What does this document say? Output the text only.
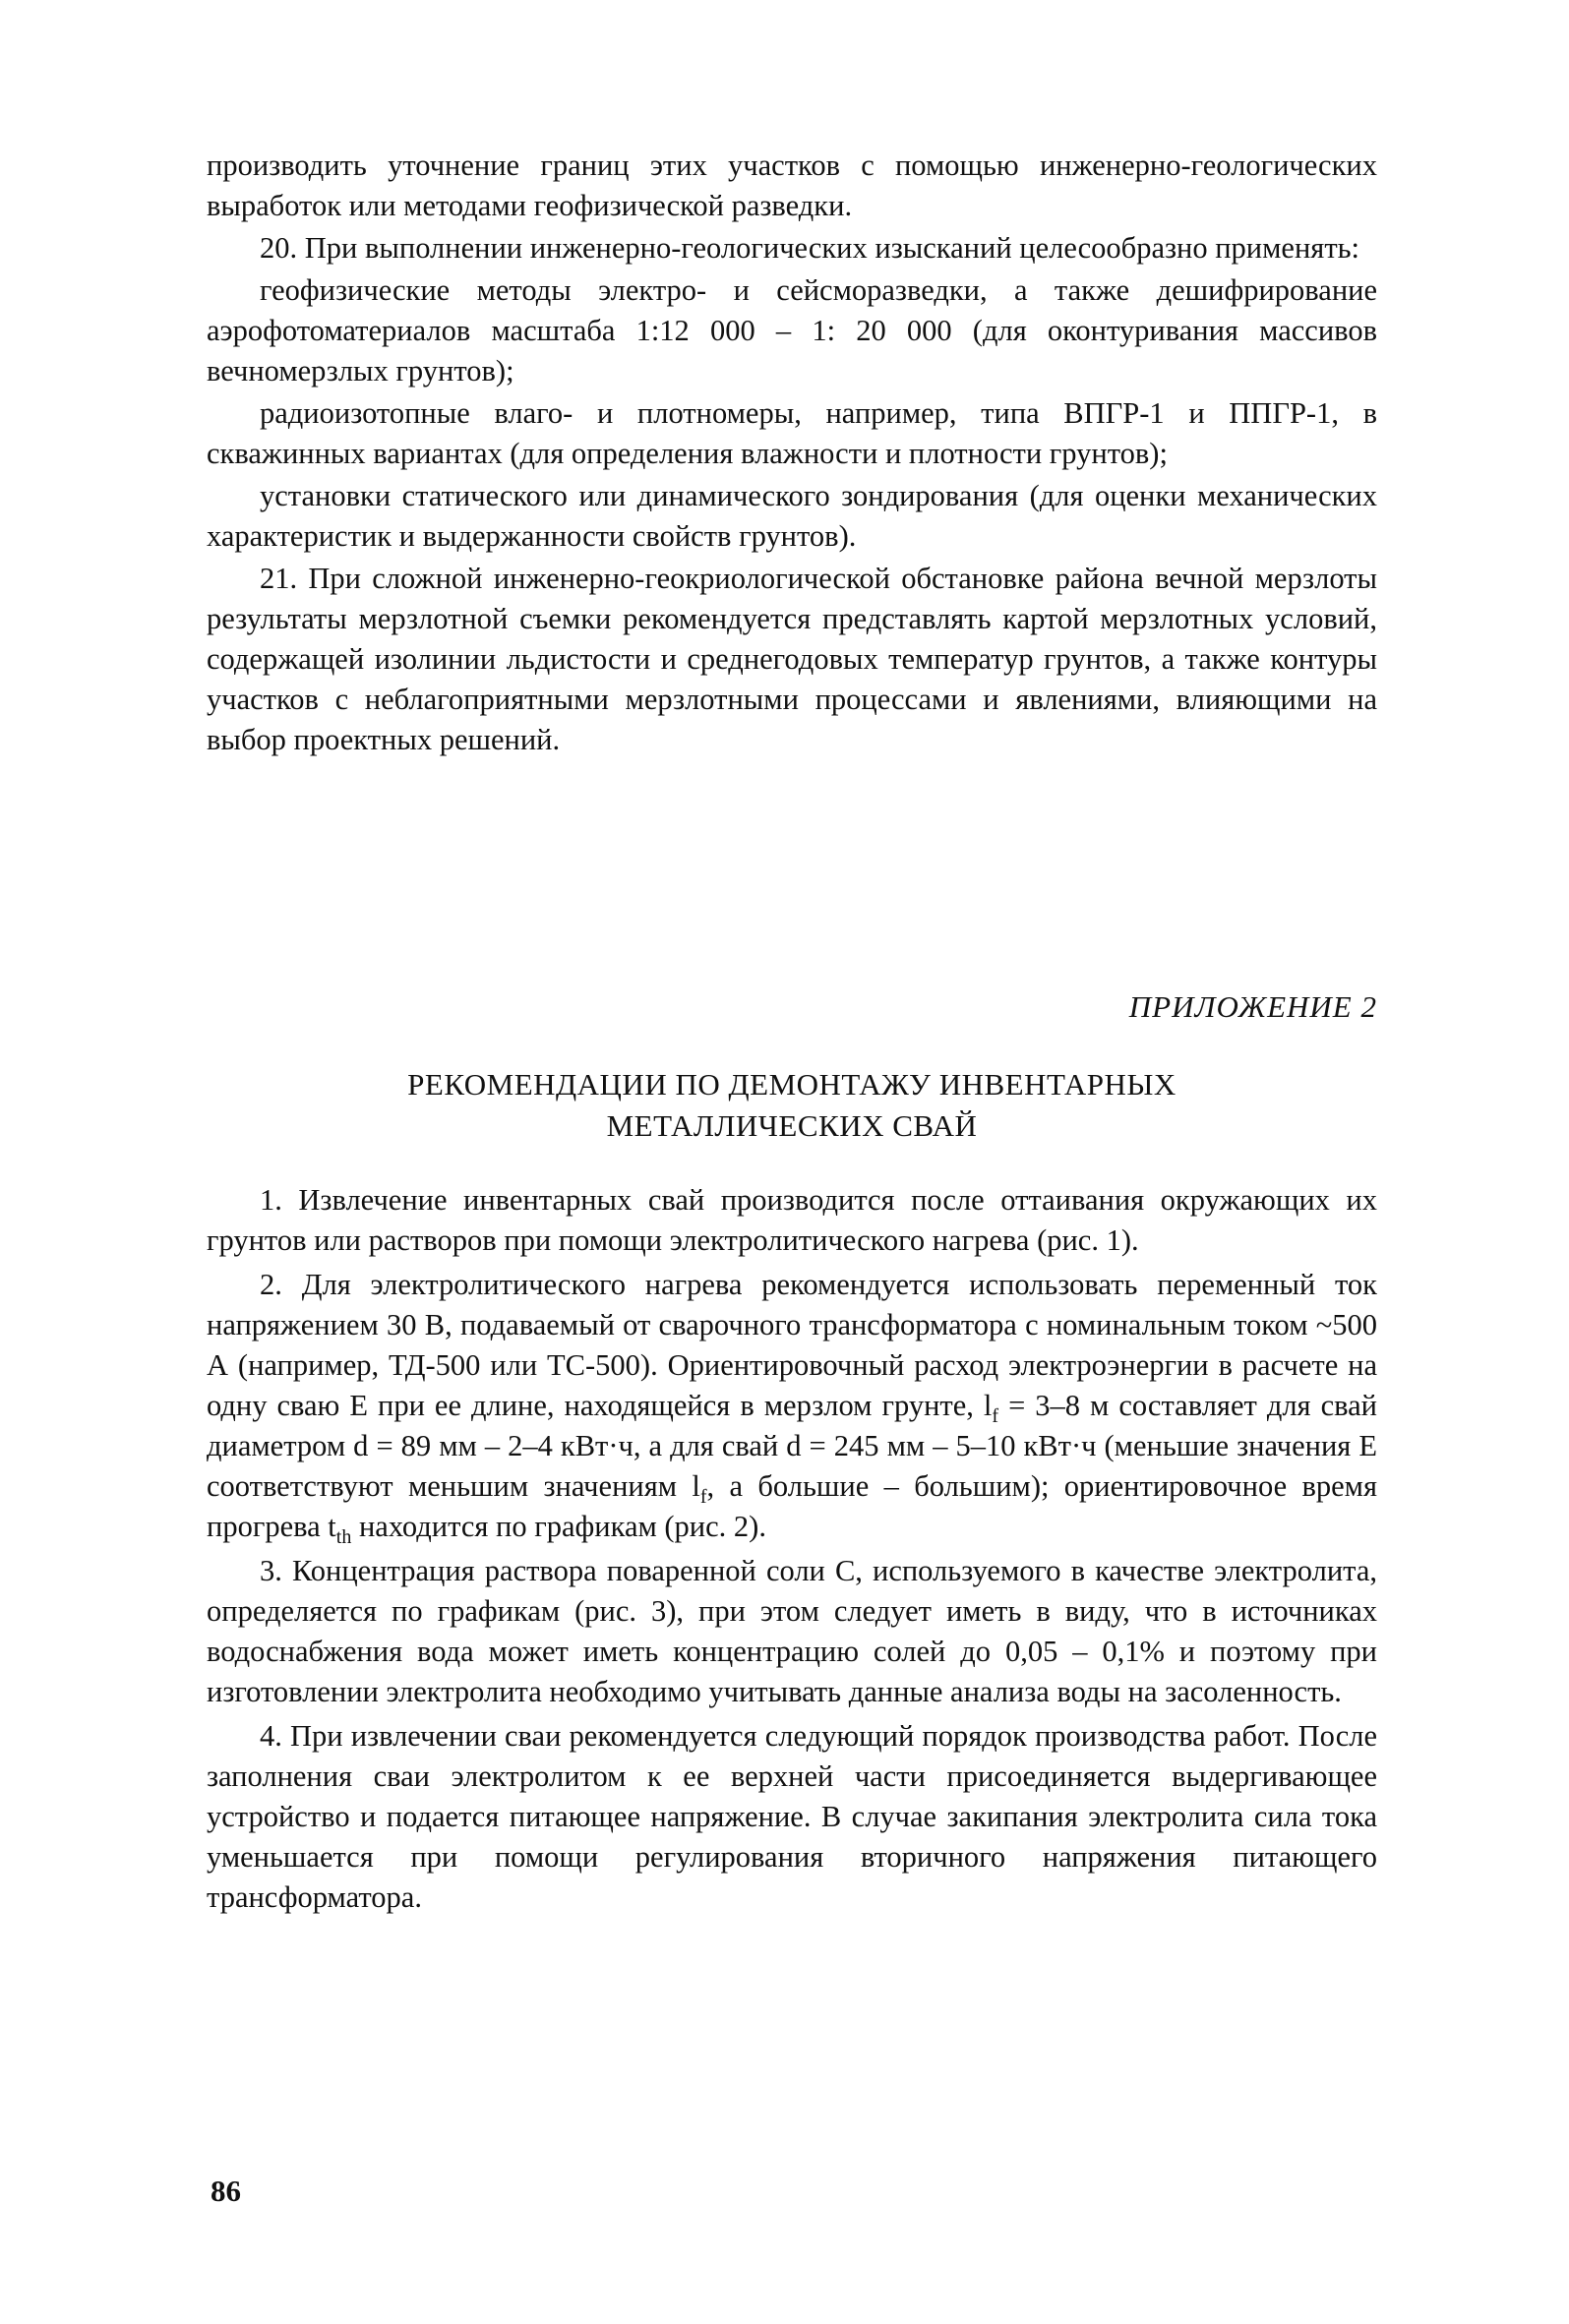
производить уточнение границ этих участков с помощью инженерно-геологических выработок или методами геофизической разведки.

20. При выполнении инженерно-геологических изысканий целесообразно применять:

геофизические методы электро- и сейсморазведки, а также дешифрирование аэрофотоматериалов масштаба 1:12 000 – 1: 20 000 (для оконтуривания массивов вечномерзлых грунтов);

радиоизотопные влаго- и плотномеры, например, типа ВПГР-1 и ППГР-1, в скважинных вариантах (для определения влажности и плотности грунтов);

установки статического или динамического зондирования (для оценки механических характеристик и выдержанности свойств грунтов).

21. При сложной инженерно-геокриологической обстановке района вечной мерзлоты результаты мерзлотной съемки рекомендуется представлять картой мерзлотных условий, содержащей изолинии льдистости и среднегодовых температур грунтов, а также контуры участков с неблагоприятными мерзлотными процессами и явлениями, влияющими на выбор проектных решений.

ПРИЛОЖЕНИЕ 2
РЕКОМЕНДАЦИИ ПО ДЕМОНТАЖУ ИНВЕНТАРНЫХ
МЕТАЛЛИЧЕСКИХ СВАЙ

1. Извлечение инвентарных свай производится после оттаивания окружающих их грунтов или растворов при помощи электролитического нагрева (рис. 1).

2. Для электролитического нагрева рекомендуется использовать переменный ток напряжением 30 В, подаваемый от сварочного трансформатора с номинальным током ~500 А (например, ТД-500 или ТС-500). Ориентировочный расход электроэнергии в расчете на одну сваю E при ее длине, находящейся в мерзлом грунте, $l_f = 3-8$ м составляет для свай диаметром d = 89 мм – 2–4 кВт·ч, а для свай d = 245 мм – 5–10 кВт·ч (меньшие значения E соответствуют меньшим значениям $l_f$, а большие – большим); ориентировочное время прогрева $t_{th}$ находится по графикам (рис. 2).

3. Концентрация раствора поваренной соли C, используемого в качестве электролита, определяется по графикам (рис. 3), при этом следует иметь в виду, что в источниках водоснабжения вода может иметь концентрацию солей до 0,05 – 0,1% и поэтому при изготовлении электролита необходимо учитывать данные анализа воды на засоленность.

4. При извлечении сваи рекомендуется следующий порядок производства работ. После заполнения сваи электролитом к ее верхней части присоединяется выдергивающее устройство и подается питающее напряжение. В случае закипания электролита сила тока уменьшается при помощи регулирования вторичного напряжения питающего трансформатора.

86
